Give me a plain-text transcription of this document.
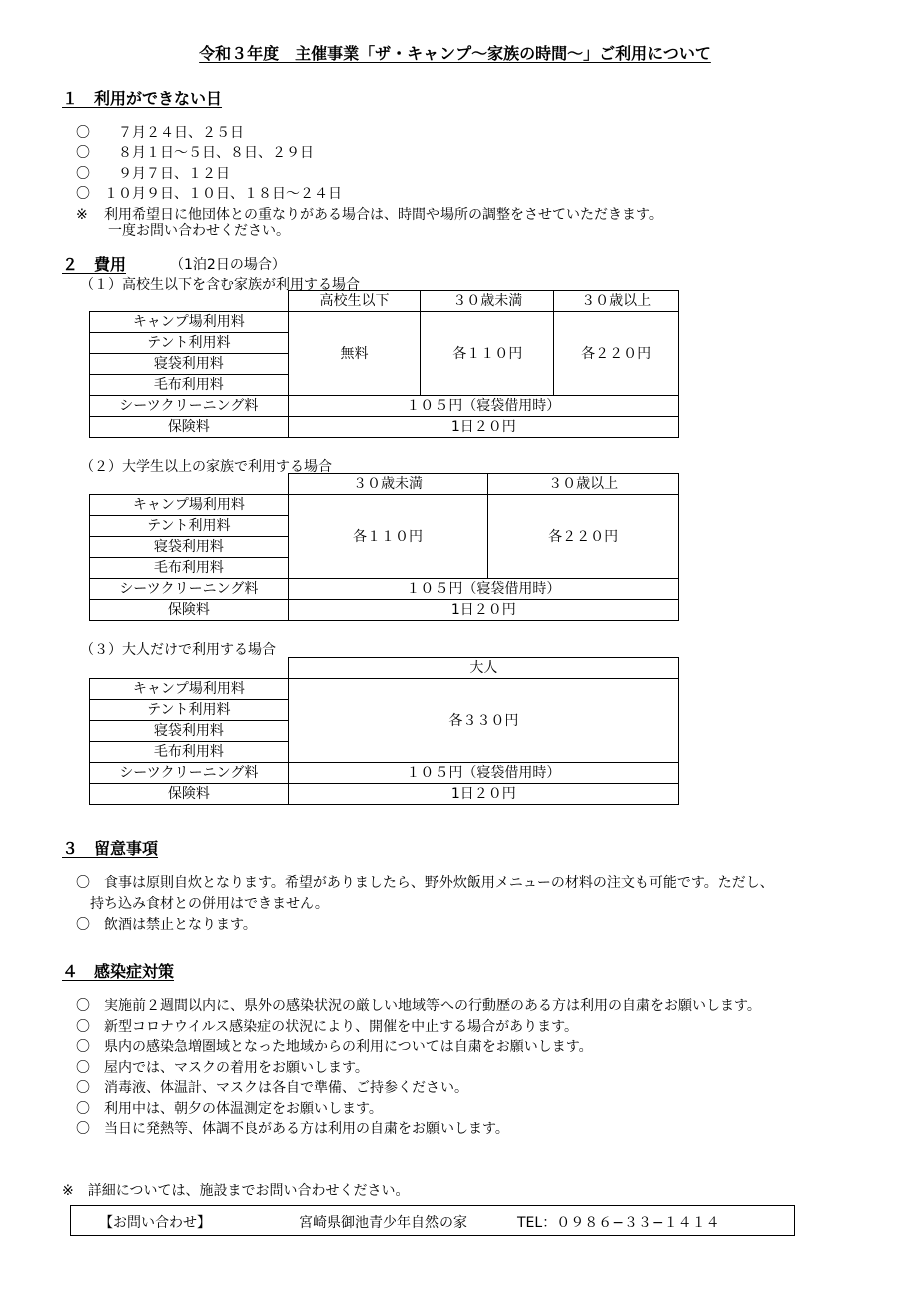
令和３年度　主催事業「ザ・キャンプ〜家族の時間〜」ご利用について
１　利用ができない日
〇　７月２４日、２５日
〇　８月１日〜５日、８日、２９日
〇　９月７日、１２日
〇 １０月９日、１０日、１８日〜２４日
※ 利用希望日に他団体との重なりがある場合は、時間や場所の調整をさせていただきます。
一度お問い合わせください。
２　費用	（1泊2日の場合）
（１）高校生以下を含む家族が利用する場合
	高校生以下	３０歳未満	３０歳以上
キャンプ場利用料	無料	各１１０円	各２２０円
テント利用料			
寝袋利用料			
毛布利用料			
シーツクリーニング料	１０５円（寝袋借用時）		
保険料	1日２０円		
（２）大学生以上の家族で利用する場合
	３０歳未満	３０歳以上
キャンプ場利用料	各１１０円	各２２０円
テント利用料		
寝袋利用料		
毛布利用料		
シーツクリーニング料	１０５円（寝袋借用時）	
保険料	1日２０円	
（３）大人だけで利用する場合
	大人
キャンプ場利用料	各３３０円
テント利用料	
寝袋利用料	
毛布利用料	
シーツクリーニング料	１０５円（寝袋借用時）
保険料	1日２０円
３　留意事項
〇 食事は原則自炊となります。希望がありましたら、野外炊飯用メニューの材料の注文も可能です。ただし、
持ち込み食材との併用はできません。
〇 飲酒は禁止となります。
４　感染症対策
〇 実施前２週間以内に、県外の感染状況の厳しい地域等への行動歴のある方は利用の自粛をお願いします。
〇 新型コロナウイルス感染症の状況により、開催を中止する場合があります。
〇 県内の感染急増圏域となった地域からの利用については自粛をお願いします。
〇 屋内では、マスクの着用をお願いします。
〇 消毒液、体温計、マスクは各自で準備、ご持参ください。
〇 利用中は、朝夕の体温測定をお願いします。
〇 当日に発熱等、体調不良がある方は利用の自粛をお願いします。
※　詳細については、施設までお問い合わせください。
【お問い合わせ】	宮崎県御池青少年自然の家	TEL：０９８６−３３−１４１４
